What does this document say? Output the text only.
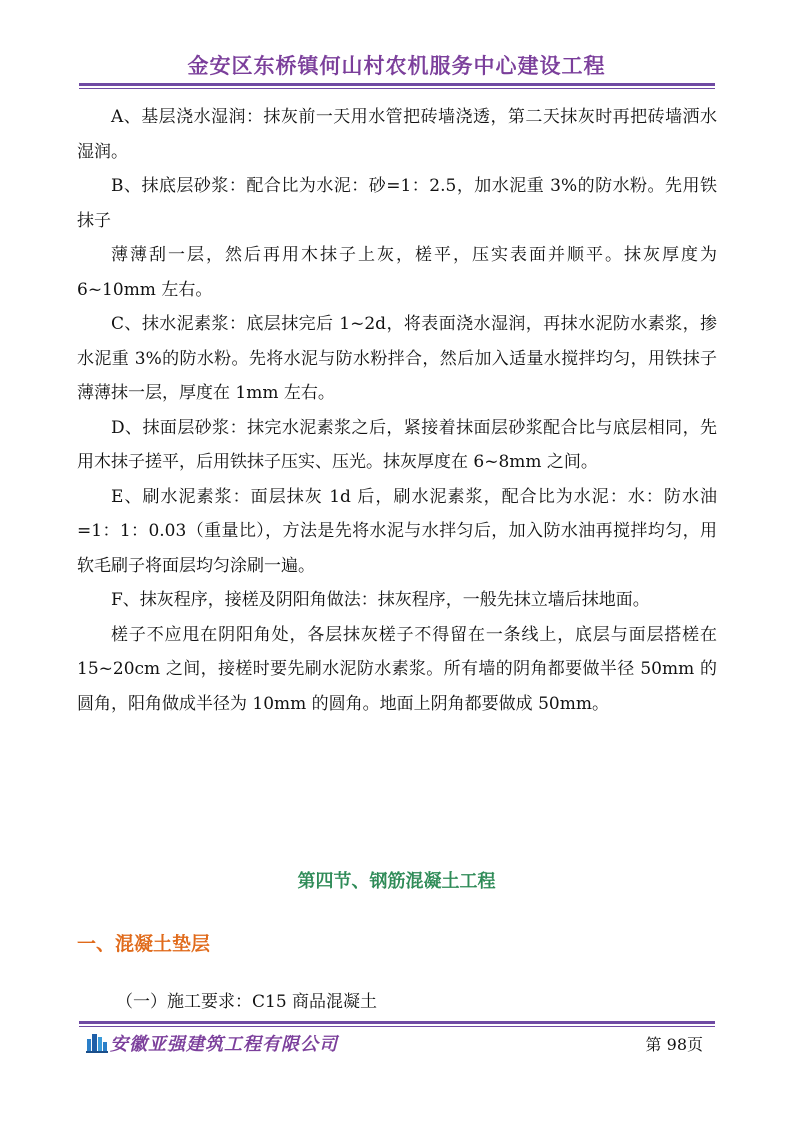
金安区东桥镇何山村农机服务中心建设工程

A、基层浇水湿润：抹灰前一天用水管把砖墙浇透，第二天抹灰时再把砖墙洒水湿润。

B、抹底层砂浆：配合比为水泥：砂=1：2.5，加水泥重 3%的防水粉。先用铁抹子

薄薄刮一层，然后再用木抹子上灰，槎平，压实表面并顺平。抹灰厚度为6~10mm 左右。

C、抹水泥素浆：底层抹完后 1~2d，将表面浇水湿润，再抹水泥防水素浆，掺水泥重 3%的防水粉。先将水泥与防水粉拌合，然后加入适量水搅拌均匀，用铁抹子薄薄抹一层，厚度在 1mm 左右。

D、抹面层砂浆：抹完水泥素浆之后，紧接着抹面层砂浆配合比与底层相同，先用木抹子搓平，后用铁抹子压实、压光。抹灰厚度在 6~8mm 之间。

E、刷水泥素浆：面层抹灰 1d 后，刷水泥素浆，配合比为水泥：水：防水油=1：1：0.03（重量比），方法是先将水泥与水拌匀后，加入防水油再搅拌均匀，用软毛刷子将面层均匀涂刷一遍。

F、抹灰程序，接槎及阴阳角做法：抹灰程序，一般先抹立墙后抹地面。

槎子不应甩在阴阳角处，各层抹灰槎子不得留在一条线上，底层与面层搭槎在 15~20cm 之间，接槎时要先刷水泥防水素浆。所有墙的阴角都要做半径 50mm 的圆角，阳角做成半径为 10mm 的圆角。地面上阴角都要做成 50mm。

第四节、钢筋混凝土工程
一、混凝土垫层
（一）施工要求：C15 商品混凝土
安徽亚强建筑工程有限公司	第 98页
